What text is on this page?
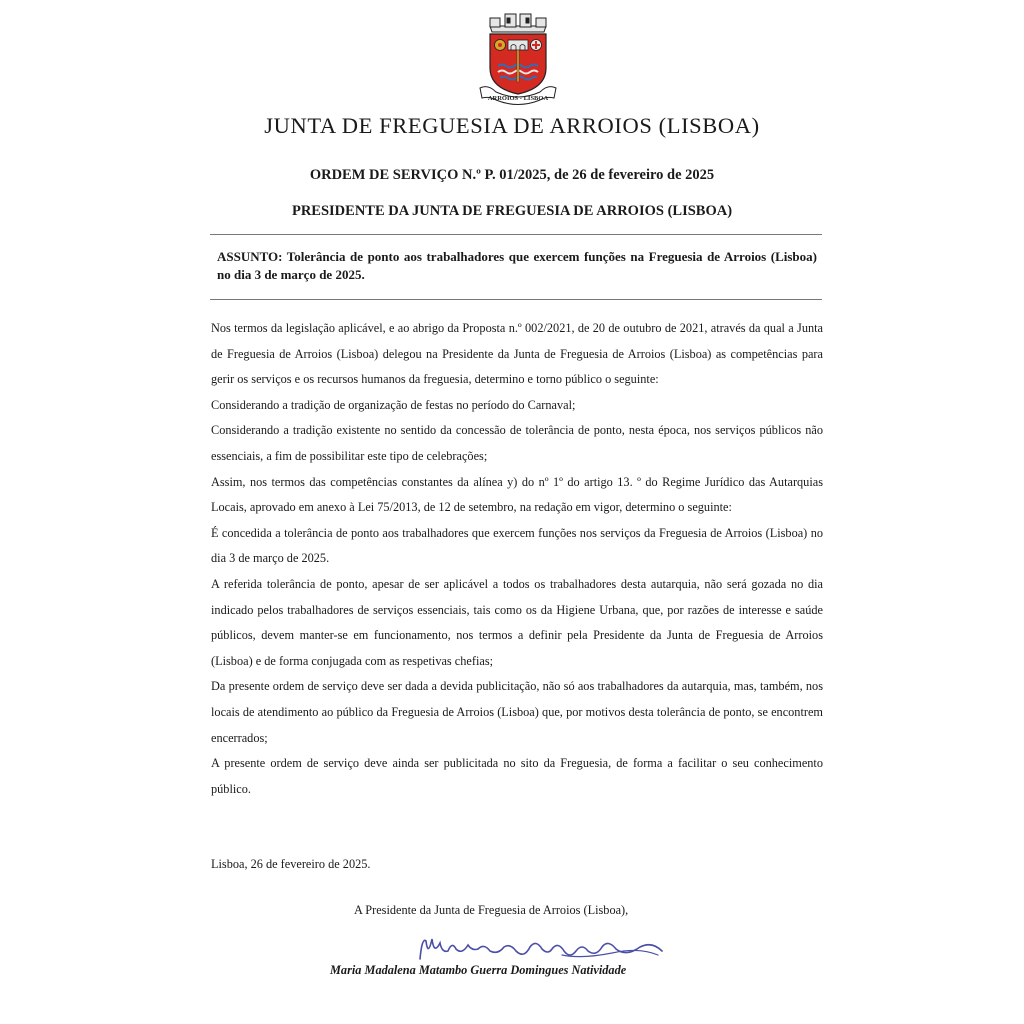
ARROIOS - LISBOA
JUNTA DE FREGUESIA DE ARROIOS (LISBOA)
ORDEM DE SERVIÇO N.º P. 01/2025, de 26 de fevereiro de 2025
PRESIDENTE DA JUNTA DE FREGUESIA DE ARROIOS (LISBOA)
ASSUNTO: Tolerância de ponto aos trabalhadores que exercem funções na Freguesia de Arroios (Lisboa) no dia 3 de março de 2025.

Nos termos da legislação aplicável, e ao abrigo da Proposta n.º 002/2021, de 20 de outubro de 2021, através da qual a Junta de Freguesia de Arroios (Lisboa) delegou na Presidente da Junta de Freguesia de Arroios (Lisboa) as competências para gerir os serviços e os recursos humanos da freguesia, determino e torno público o seguinte:

Considerando a tradição de organização de festas no período do Carnaval;

Considerando a tradição existente no sentido da concessão de tolerância de ponto, nesta época, nos serviços públicos não essenciais, a fim de possibilitar este tipo de celebrações;

Assim, nos termos das competências constantes da alínea y) do nº 1º do artigo 13. º do Regime Jurídico das Autarquias Locais, aprovado em anexo à Lei 75/2013, de 12 de setembro, na redação em vigor, determino o seguinte:

É concedida a tolerância de ponto aos trabalhadores que exercem funções nos serviços da Freguesia de Arroios (Lisboa) no dia 3 de março de 2025.

A referida tolerância de ponto, apesar de ser aplicável a todos os trabalhadores desta autarquia, não será gozada no dia indicado pelos trabalhadores de serviços essenciais, tais como os da Higiene Urbana, que, por razões de interesse e saúde públicos, devem manter-se em funcionamento, nos termos a definir pela Presidente da Junta de Freguesia de Arroios (Lisboa) e de forma conjugada com as respetivas chefias;

Da presente ordem de serviço deve ser dada a devida publicitação, não só aos trabalhadores da autarquia, mas, também, nos locais de atendimento ao público da Freguesia de Arroios (Lisboa) que, por motivos desta tolerância de ponto, se encontrem encerrados;

A presente ordem de serviço deve ainda ser publicitada no sito da Freguesia, de forma a facilitar o seu conhecimento público.

Lisboa, 26 de fevereiro de 2025.
A Presidente da Junta de Freguesia de Arroios (Lisboa),
Maria Madalena Matambo Guerra Domingues Natividade
